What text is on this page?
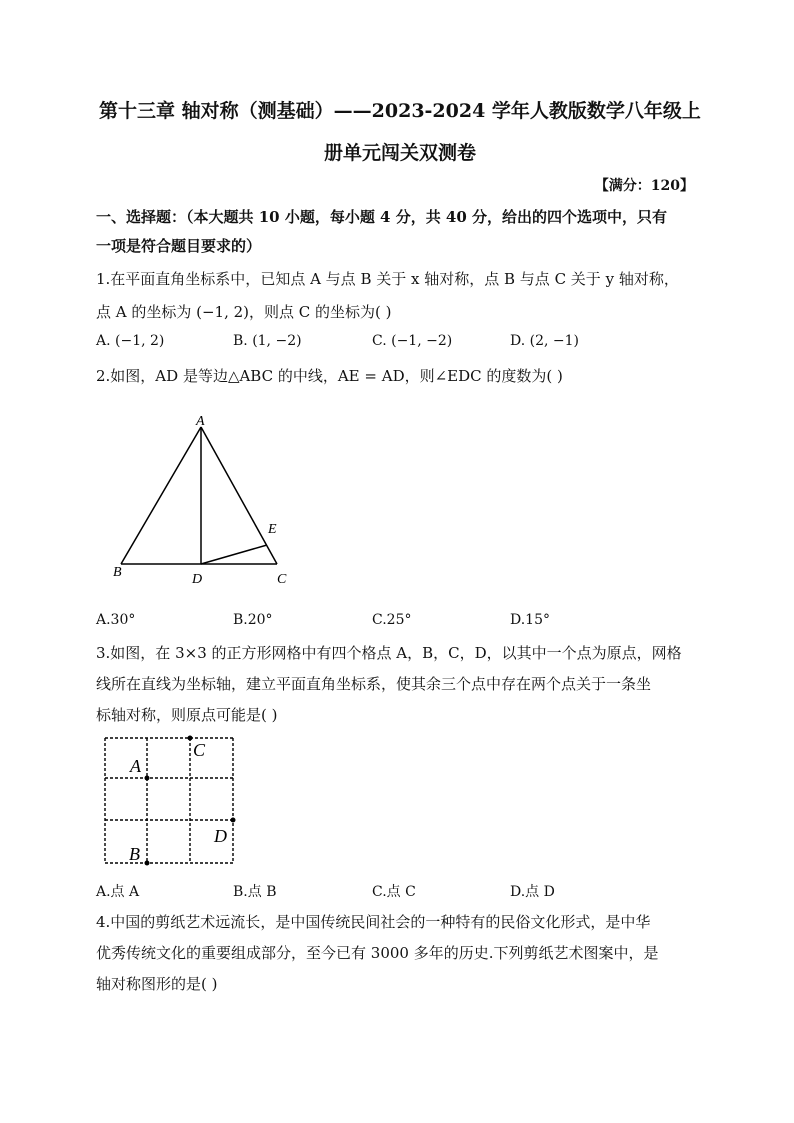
第十三章 轴对称（测基础）——2023-2024 学年人教版数学八年级上
册单元闯关双测卷
【满分：120】
一、选择题：（本大题共 10 小题，每小题 4 分，共 40 分，给出的四个选项中，只有
一项是符合题目要求的）
1.在平面直角坐标系中，已知点 A 与点 B 关于 x 轴对称，点 B 与点 C 关于 y 轴对称，
点 A 的坐标为 (−1, 2)，则点 C 的坐标为( )
A. (−1, 2)	B. (1, −2)	C. (−1, −2)	D. (2, −1)
2.如图，AD 是等边△ABC 的中线，AE = AD，则∠EDC 的度数为( )
A
B	C
D
E
A.30°	B.20°	C.25°	D.15°
3.如图，在 3×3 的正方形网格中有四个格点 A，B，C，D，以其中一个点为原点，网格
线所在直线为坐标轴，建立平面直角坐标系，使其余三个点中存在两个点关于一条坐
标轴对称，则原点可能是( )
A
B
C
D
A.点 A	B.点 B	C.点 C	D.点 D
4.中国的剪纸艺术远流长，是中国传统民间社会的一种特有的民俗文化形式，是中华
优秀传统文化的重要组成部分，至今已有 3000 多年的历史.下列剪纸艺术图案中，是
轴对称图形的是( )
